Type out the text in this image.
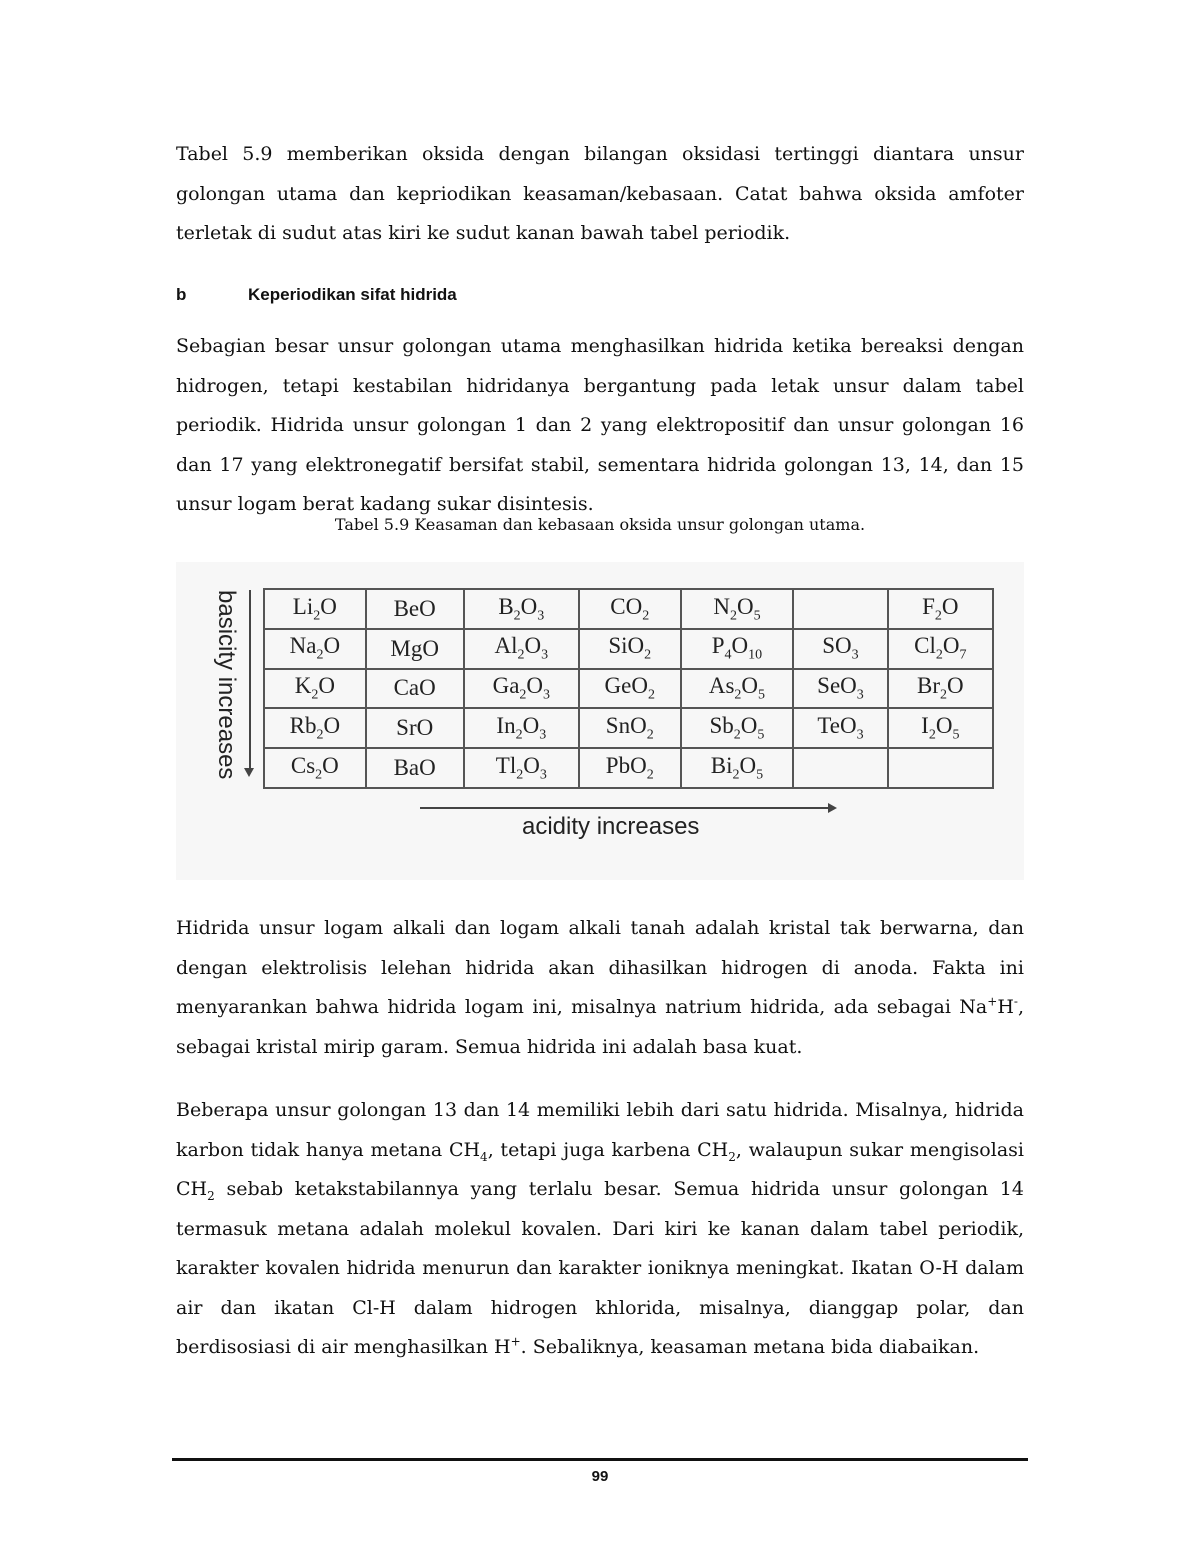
Tabel 5.9 memberikan oksida dengan bilangan oksidasi tertinggi diantara unsur golongan utama dan kepriodikan keasaman/kebasaan. Catat bahwa oksida amfoter terletak di sudut atas kiri ke sudut kanan bawah tabel periodik.

b	Keperiodikan sifat hidrida

Sebagian besar unsur golongan utama menghasilkan hidrida ketika bereaksi dengan hidrogen, tetapi kestabilan hidridanya bergantung pada letak unsur dalam tabel periodik. Hidrida unsur golongan 1 dan 2 yang elektropositif dan unsur golongan 16 dan 17 yang elektronegatif bersifat stabil, sementara hidrida golongan 13, 14, dan 15 unsur logam berat kadang sukar disintesis.

Tabel 5.9 Keasaman dan kebasaan oksida unsur golongan utama.
basicity increases $Li_2O$	BeO	$B_2O_3$	$CO_2$	$N_2O_5$		$F_2O$
$Na_2O$	MgO	$Al_2O_3$	SiO$_2$	$P_4O_{10}$	$SO_3$	$Cl_2O_7$
$K_2O$	CaO	$Ga_2O_3$	GeO$_2$	$As_2O_5$	SeO$_3$	$Br_2O$
$Rb_2O$	SrO	$In_2O_3$	SnO$_2$	$Sb_2O_5$	TeO$_3$	$I_2O_5$
$Cs_2O$	BaO	$Tl_2O_3$	PbO$_2$	$Bi_2O_5$		
acidity increases

Hidrida unsur logam alkali dan logam alkali tanah adalah kristal tak berwarna, dan dengan elektrolisis lelehan hidrida akan dihasilkan hidrogen di anoda. Fakta ini menyarankan bahwa hidrida logam ini, misalnya natrium hidrida, ada sebagai Na+H-, sebagai kristal mirip garam. Semua hidrida ini adalah basa kuat.

Beberapa unsur golongan 13 dan 14 memiliki lebih dari satu hidrida. Misalnya, hidrida karbon tidak hanya metana $CH_4$, tetapi juga karbena $CH_2$, walaupun sukar mengisolasi $CH_2$ sebab ketakstabilannya yang terlalu besar. Semua hidrida unsur golongan 14 termasuk metana adalah molekul kovalen. Dari kiri ke kanan dalam tabel periodik, karakter kovalen hidrida menurun dan karakter ioniknya meningkat. Ikatan O-H dalam air dan ikatan Cl-H dalam hidrogen khlorida, misalnya, dianggap polar, dan berdisosiasi di air menghasilkan H+. Sebaliknya, keasaman metana bida diabaikan.

99
